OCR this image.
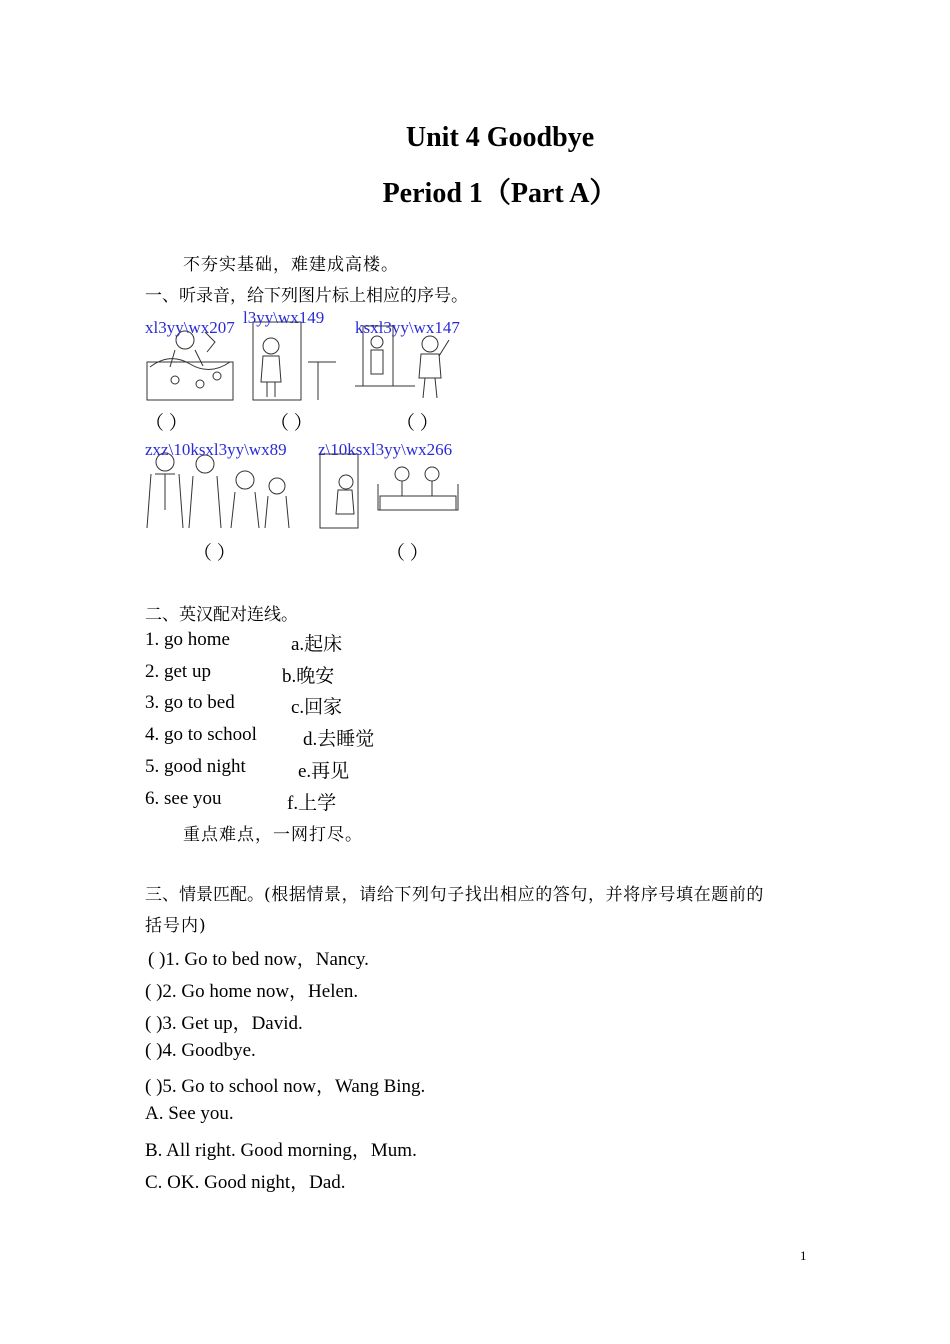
Unit 4 Goodbye
Period 1（Part A）
不夯实基础，难建成高楼。
一、听录音，给下列图片标上相应的序号。
xl3yy\wx207
（ ）
l3yy\wx149
（ ）
ksxl3yy\wx147
（ ）
zxz\10ksxl3yy\wx89
（ ）
z\10ksxl3yy\wx266
（ ）
二、英汉配对连线。
1. go home	a.起床
2. get up	b.晚安
3. go to bed	c.回家
4. go to school d.去睡觉
5. good night	e.再见
6. see you	f.上学
重点难点，一网打尽。
三、情景匹配。(根据情景，请给下列句子找出相应的答句，并将序号填在题前的
括号内)
( )1. Go to bed now，Nancy.
( )2. Go home now，Helen.
( )3. Get up，David.
( )4. Goodbye.
( )5. Go to school now，Wang Bing.
A. See you.
B. All right. Good morning，Mum.
C. OK. Good night，Dad.
1
